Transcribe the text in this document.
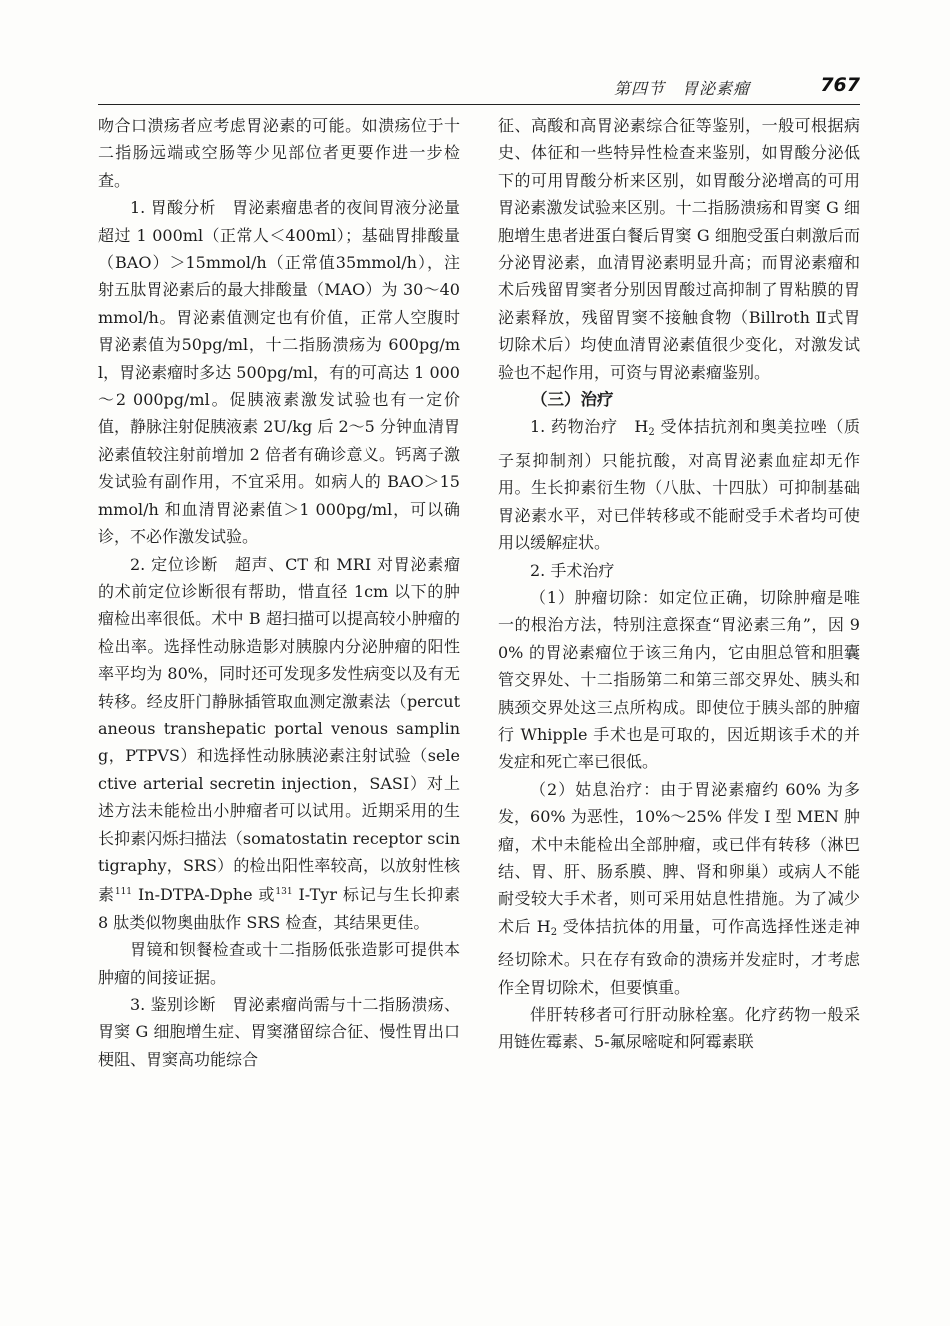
第四节　胃泌素瘤	767

吻合口溃疡者应考虑胃泌素的可能。如溃疡位于十二指肠远端或空肠等少见部位者更要作进一步检查。

1. 胃酸分析　胃泌素瘤患者的夜间胃液分泌量超过 1 000ml（正常人＜400ml）；基础胃排酸量（BAO）＞15mmol/h（正常值35mmol/h），注射五肽胃泌素后的最大排酸量（MAO）为 30～40mmol/h。胃泌素值测定也有价值，正常人空腹时胃泌素值为50pg/ml，十二指肠溃疡为 600pg/ml，胃泌素瘤时多达 500pg/ml，有的可高达 1 000～2 000pg/ml。促胰液素激发试验也有一定价值，静脉注射促胰液素 2U/kg 后 2～5 分钟血清胃泌素值较注射前增加 2 倍者有确诊意义。钙离子激发试验有副作用，不宜采用。如病人的 BAO＞15mmol/h 和血清胃泌素值＞1 000pg/ml，可以确诊，不必作激发试验。

2. 定位诊断　超声、CT 和 MRI 对胃泌素瘤的术前定位诊断很有帮助，惜直径 1cm 以下的肿瘤检出率很低。术中 B 超扫描可以提高较小肿瘤的检出率。选择性动脉造影对胰腺内分泌肿瘤的阳性率平均为 80%，同时还可发现多发性病变以及有无转移。经皮肝门静脉插管取血测定激素法（percutaneous transhepatic portal venous sampling，PTPVS）和选择性动脉胰泌素注射试验（selective arterial secretin injection，SASI）对上述方法未能检出小肿瘤者可以试用。近期采用的生长抑素闪烁扫描法（somatostatin receptor scintigraphy，SRS）的检出阳性率较高，以放射性核素$^{111}$ In-DTPA-Dphe 或$^{131}$ I-Tyr 标记与生长抑素 8 肽类似物奥曲肽作 SRS 检查，其结果更佳。

胃镜和钡餐检查或十二指肠低张造影可提供本肿瘤的间接证据。

3. 鉴别诊断　胃泌素瘤尚需与十二指肠溃疡、胃窦 G 细胞增生症、胃窦潴留综合征、慢性胃出口梗阻、胃窦高功能综合

征、高酸和高胃泌素综合征等鉴别，一般可根据病史、体征和一些特异性检查来鉴别，如胃酸分泌低下的可用胃酸分析来区别，如胃酸分泌增高的可用胃泌素激发试验来区别。十二指肠溃疡和胃窦 G 细胞增生患者进蛋白餐后胃窦 G 细胞受蛋白刺激后而分泌胃泌素，血清胃泌素明显升高；而胃泌素瘤和术后残留胃窦者分别因胃酸过高抑制了胃粘膜的胃泌素释放，残留胃窦不接触食物（Billroth Ⅱ式胃切除术后）均使血清胃泌素值很少变化，对激发试验也不起作用，可资与胃泌素瘤鉴别。

（三）治疗

1. 药物治疗　$H_2$ 受体拮抗剂和奥美拉唑（质子泵抑制剂）只能抗酸，对高胃泌素血症却无作用。生长抑素衍生物（八肽、十四肽）可抑制基础胃泌素水平，对已伴转移或不能耐受手术者均可使用以缓解症状。

2. 手术治疗

（1）肿瘤切除：如定位正确，切除肿瘤是唯一的根治方法，特别注意探查“胃泌素三角”，因 90% 的胃泌素瘤位于该三角内，它由胆总管和胆囊管交界处、十二指肠第二和第三部交界处、胰头和胰颈交界处这三点所构成。即使位于胰头部的肿瘤行 Whipple 手术也是可取的，因近期该手术的并发症和死亡率已很低。

（2）姑息治疗：由于胃泌素瘤约 60% 为多发，60% 为恶性，10%～25% 伴发 Ⅰ 型 MEN 肿瘤，术中未能检出全部肿瘤，或已伴有转移（淋巴结、胃、肝、肠系膜、脾、肾和卵巢）或病人不能耐受较大手术者，则可采用姑息性措施。为了减少术后 $H_2$ 受体拮抗体的用量，可作高选择性迷走神经切除术。只在存有致命的溃疡并发症时，才考虑作全胃切除术，但要慎重。

伴肝转移者可行肝动脉栓塞。化疗药物一般采用链佐霉素、5-氟尿嘧啶和阿霉素联
